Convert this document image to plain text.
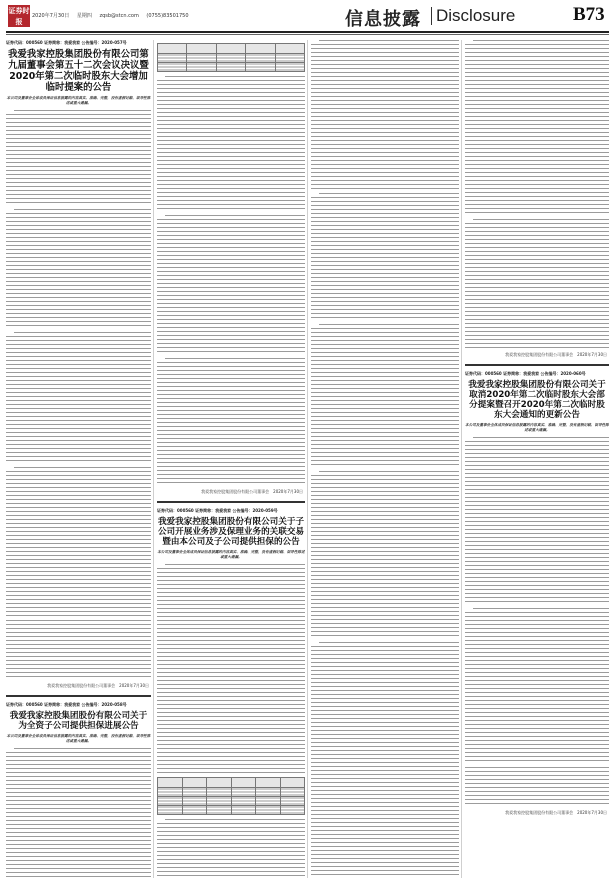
证券时报
2020年7月30日 星期四 zqsb@stcn.com (0755)83501750	信息披露 Disclosure	B73
证券代码：000560 证券简称：我爱我家 公告编号：2020-057号
我爱我家控股集团股份有限公司第九届董事会第五十二次会议决议暨2020年第二次临时股东大会增加临时提案的公告
本公司及董事会全体成员保证信息披露的内容真实、准确、完整，没有虚假记载、误导性陈述或重大遗漏。
我爱我家控股集团股份有限公司董事会　2020年7月30日
证券代码：000560 证券简称：我爱我家 公告编号：2020-058号
我爱我家控股集团股份有限公司关于为全资子公司提供担保进展公告
本公司及董事会全体成员保证信息披露的内容真实、准确、完整，没有虚假记载、误导性陈述或重大遗漏。

我爱我家控股集团股份有限公司董事会　2020年7月30日
证券代码：000560 证券简称：我爱我家 公告编号：2020-059号
我爱我家控股集团股份有限公司关于子公司开展业务涉及保理业务的关联交易暨由本公司及子公司提供担保的公告
本公司及董事会全体成员保证信息披露的内容真实、准确、完整，没有虚假记载、误导性陈述或重大遗漏。

我爱我家控股集团股份有限公司董事会　2020年7月30日
证券代码：000560 证券简称：我爱我家 公告编号：2020-060号
我爱我家控股集团股份有限公司关于取消2020年第二次临时股东大会部分提案暨召开2020年第二次临时股东大会通知的更新公告
本公司及董事会全体成员保证信息披露的内容真实、准确、完整，没有虚假记载、误导性陈述或重大遗漏。
我爱我家控股集团股份有限公司董事会　2020年7月30日
